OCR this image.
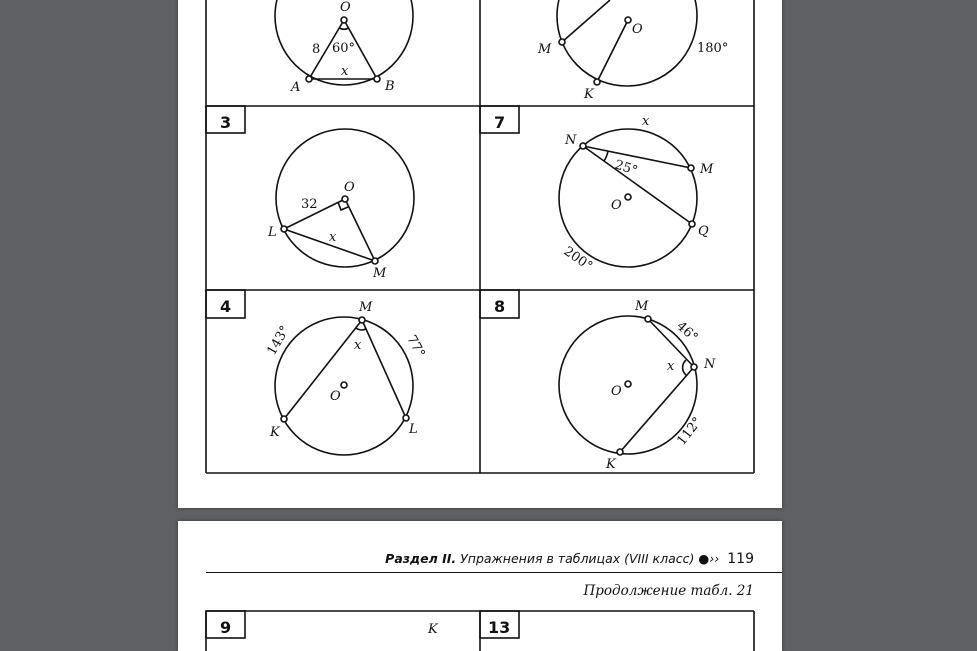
O
A	B
8 60°
x
O
M
K
180°
3
O
L
M
32
x
7
N
M
Q
O
x
25°
200°
4	M
K	L
O
x
143°	77°
8	M
N
K
O
x
46°
112°
Раздел II. Упражнения в таблицах (VIII класс) ●›› 119
Продолжение табл. 21
9	13
K
